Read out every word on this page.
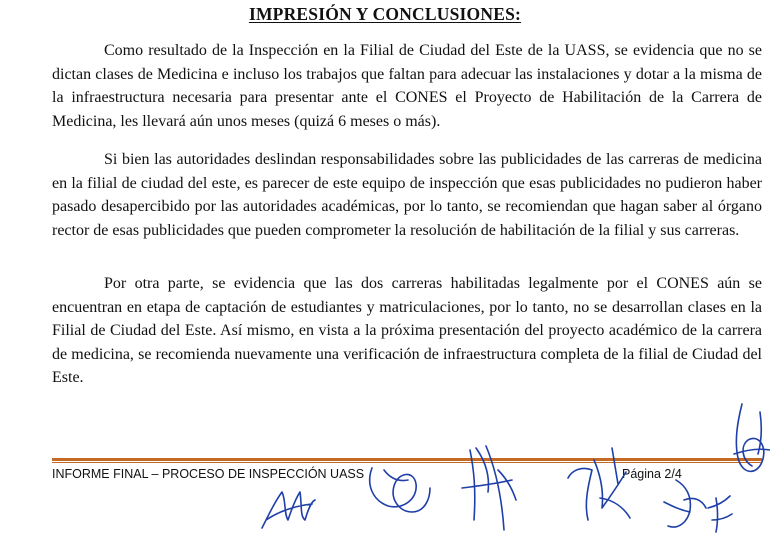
IMPRESIÓN Y CONCLUSIONES:

Como resultado de la Inspección en la Filial de Ciudad del Este de la UASS, se evidencia que no se dictan clases de Medicina e incluso los trabajos que faltan para adecuar las instalaciones y dotar a la misma de la infraestructura necesaria para presentar ante el CONES el Proyecto de Habilitación de la Carrera de Medicina, les llevará aún unos meses (quizá 6 meses o más).

Si bien las autoridades deslindan responsabilidades sobre las publicidades de las carreras de medicina en la filial de ciudad del este, es parecer de este equipo de inspección que esas publicidades no pudieron haber pasado desapercibido por las autoridades académicas, por lo tanto, se recomiendan que hagan saber al órgano rector de esas publicidades que pueden comprometer la resolución de habilitación de la filial y sus carreras.

Por otra parte, se evidencia que las dos carreras habilitadas legalmente por el CONES aún se encuentran en etapa de captación de estudiantes y matriculaciones, por lo tanto, no se desarrollan clases en la Filial de Ciudad del Este. Así mismo, en vista a la próxima presentación del proyecto académico de la carrera de medicina, se recomienda nuevamente una verificación de infraestructura completa de la filial de Ciudad del Este.

INFORME FINAL – PROCESO DE INSPECCIÓN UASS	Página 2/4
